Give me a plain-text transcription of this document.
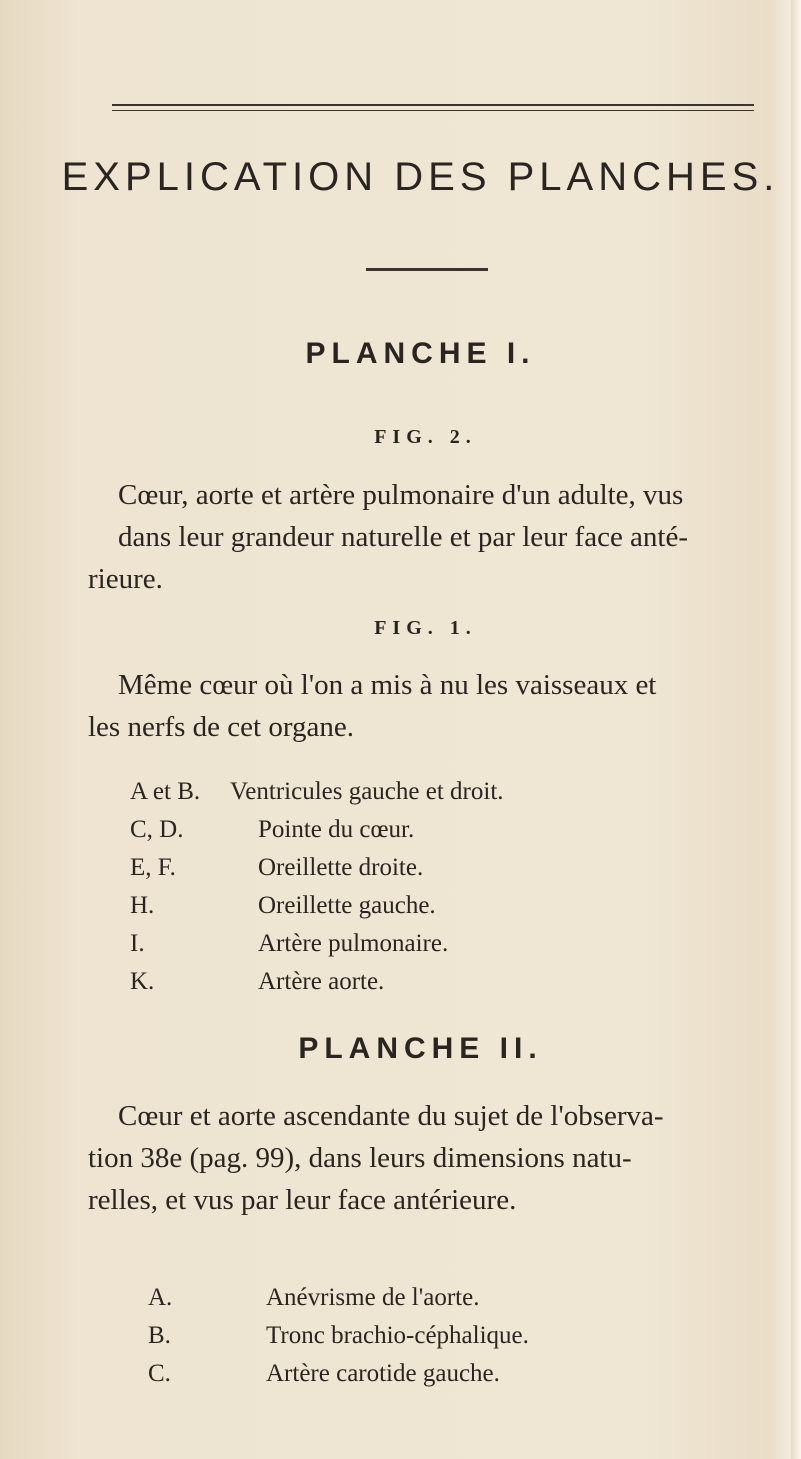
EXPLICATION DES PLANCHES.
PLANCHE I.
FIG. 2.
Cœur, aorte et artère pulmonaire d'un adulte, vus
dans leur grandeur naturelle et par leur face anté-
rieure.
FIG. 1.
Même cœur où l'on a mis à nu les vaisseaux et
les nerfs de cet organe.
A et B. Ventricules gauche et droit.
C, D.	Pointe du cœur.
E, F.	Oreillette droite.
H.	Oreillette gauche.
I.	Artère pulmonaire.
K.	Artère aorte.
PLANCHE II.
Cœur et aorte ascendante du sujet de l'observa-
tion 38e (pag. 99), dans leurs dimensions natu-
relles, et vus par leur face antérieure.
A.	Anévrisme de l'aorte.
B.	Tronc brachio-céphalique.
C.	Artère carotide gauche.
